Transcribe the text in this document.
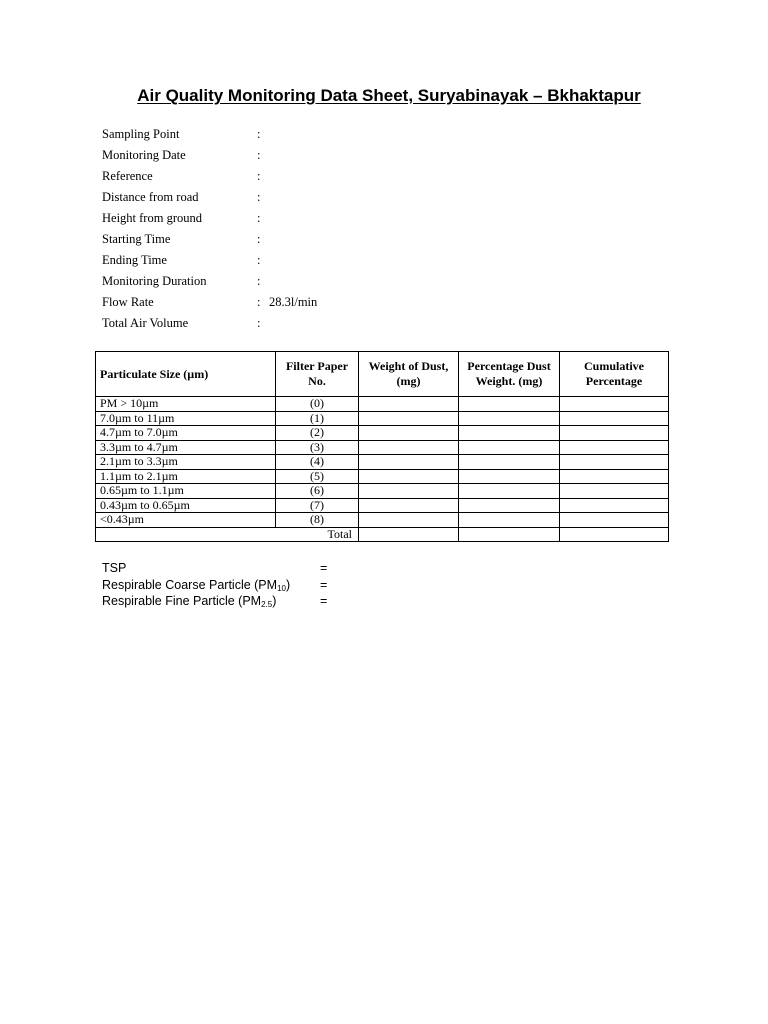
Air Quality Monitoring Data Sheet, Suryabinayak – Bkhaktapur
Sampling Point	:
Monitoring Date	:
Reference	:
Distance from road	:
Height from ground	:
Starting Time	:
Ending Time	:
Monitoring Duration	:
Flow Rate	: 28.3l/min
Total Air Volume	:
Particulate Size (µm)	Filter Paper No.	Weight of Dust, (mg)	Percentage Dust Weight. (mg)	Cumulative Percentage
PM > 10µm	(0)			
7.0µm to 11µm	(1)			
4.7µm to 7.0µm	(2)			
3.3µm to 4.7µm	(3)			
2.1µm to 3.3µm	(4)			
1.1µm to 2.1µm	(5)			
0.65µm to 1.1µm	(6)			
0.43µm to 0.65µm	(7)			
<0.43µm	(8)			
Total				
TSP	=
Respirable Coarse Particle $(PM_{10})$ =
Respirable Fine Particle $(PM_{2.5})$	=
